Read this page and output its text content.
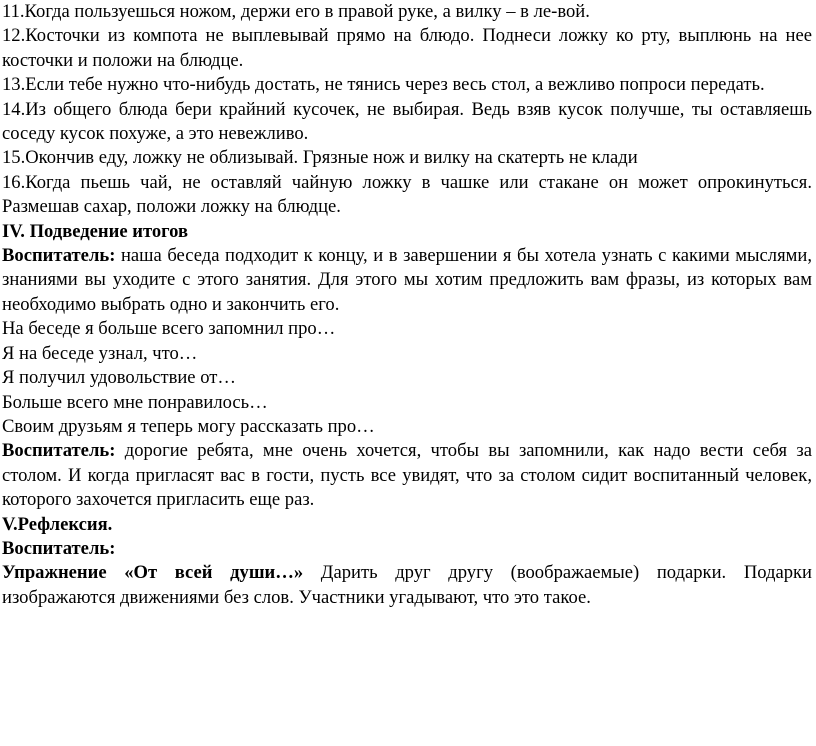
11.Когда пользуешься ножом, держи его в правой руке, а вилку – в ле-вой.

12.Косточки из компота не выплевывай прямо на блюдо. Поднеси ложку ко рту, выплюнь на нее косточки и положи на блюдце.

13.Если тебе нужно что-нибудь достать, не тянись через весь стол, а вежливо попроси передать.

14.Из общего блюда бери крайний кусочек, не выбирая. Ведь взяв кусок получше, ты оставляешь соседу кусок похуже, а это невежливо.

15.Окончив еду, ложку не облизывай. Грязные нож и вилку на скатерть не клади

16.Когда пьешь чай, не оставляй чайную ложку в чашке или стакане он может опрокинуться. Размешав сахар, положи ложку на блюдце.

IV. Подведение итогов

Воспитатель: наша беседа подходит к концу, и в завершении я бы хотела узнать с какими мыслями, знаниями вы уходите с этого занятия. Для этого мы хотим предложить вам фразы, из которых вам необходимо выбрать одно и закончить его.

На беседе я больше всего запомнил про…

Я на беседе узнал, что…

Я получил удовольствие от…

Больше всего мне понравилось…

Своим друзьям я теперь могу рассказать про…

Воспитатель: дорогие ребята, мне очень хочется, чтобы вы запомнили, как надо вести себя за столом. И когда пригласят вас в гости, пусть все увидят, что за столом сидит воспитанный человек, которого захочется пригласить еще раз.

V.Рефлексия.

Воспитатель:

Упражнение «От всей души…» Дарить друг другу (воображаемые) подарки. Подарки изображаются движениями без слов. Участники угадывают, что это такое.
